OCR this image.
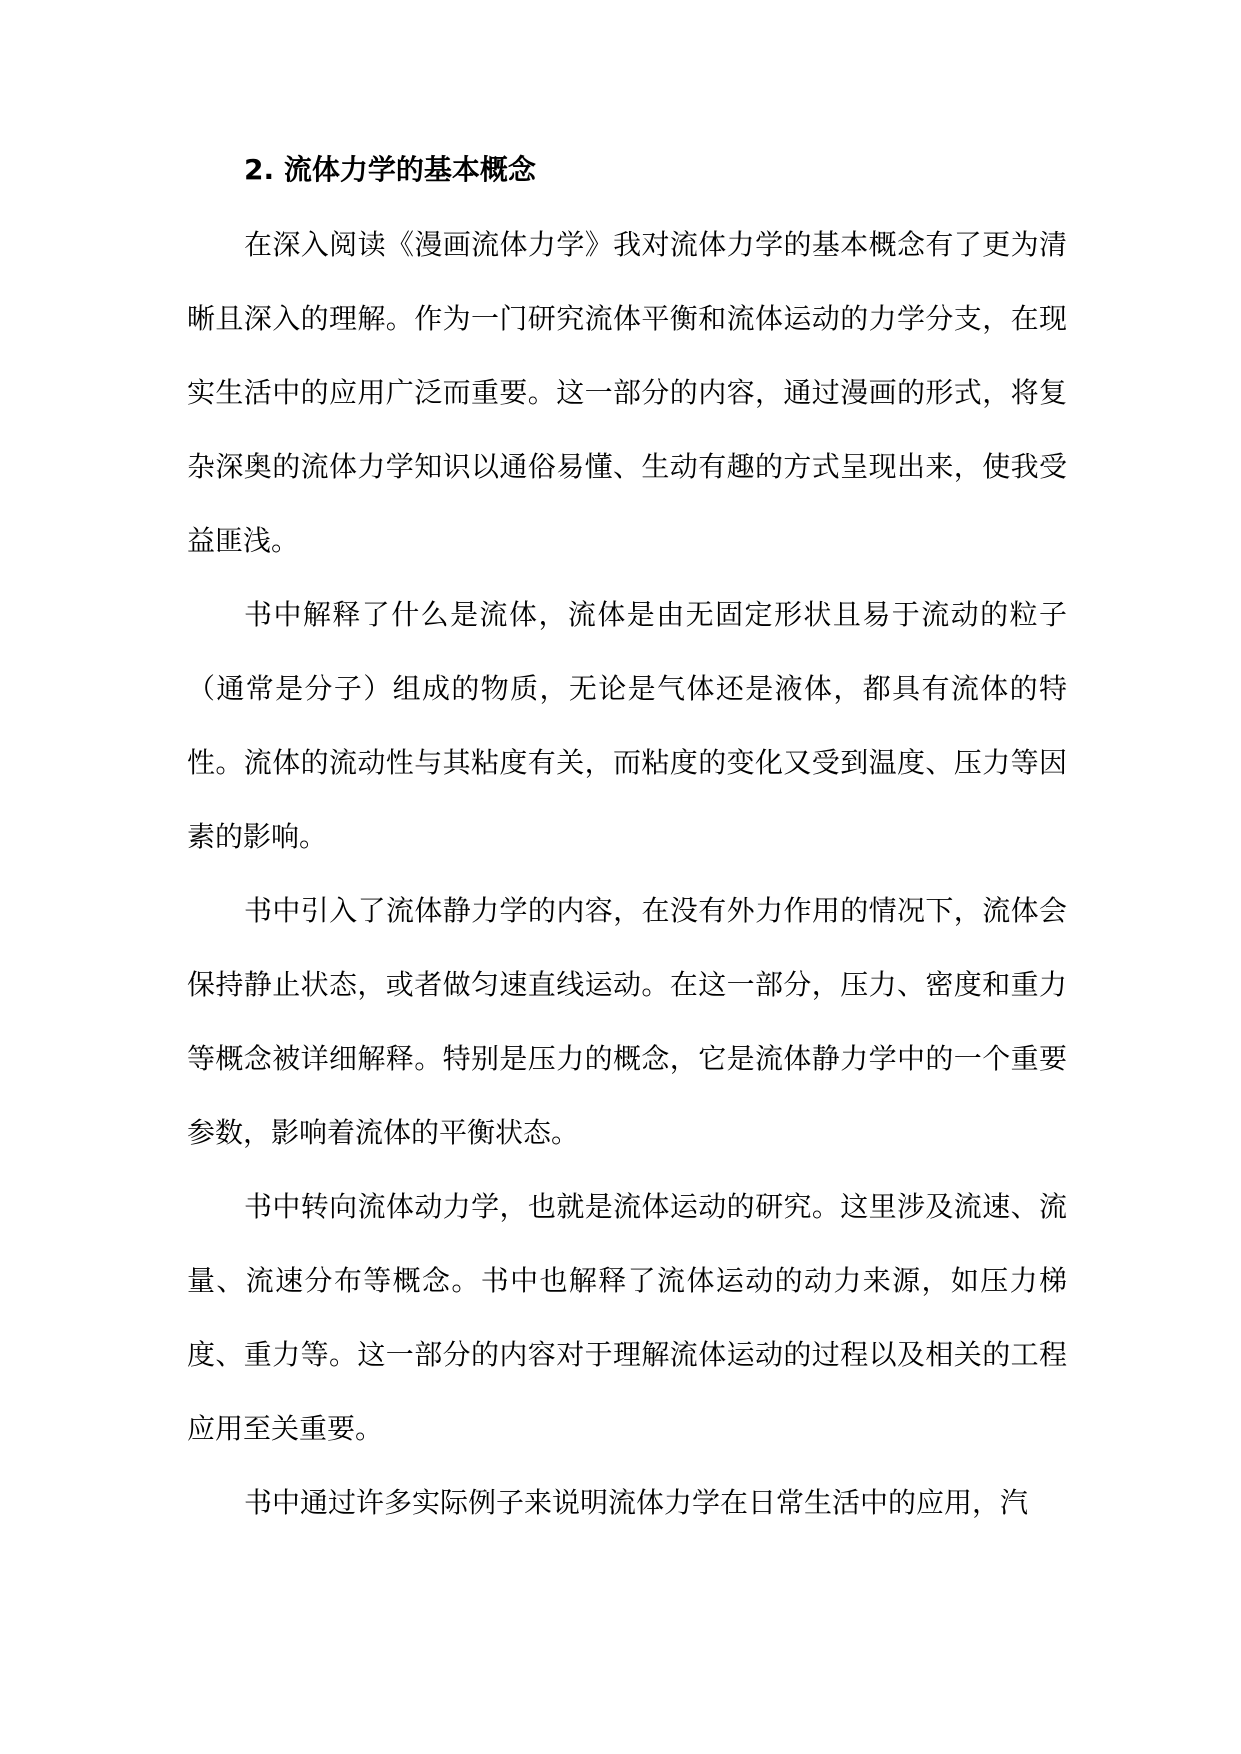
2. 流体力学的基本概念

在深入阅读《漫画流体力学》我对流体力学的基本概念有了更为清晰且深入的理解。作为一门研究流体平衡和流体运动的力学分支，在现实生活中的应用广泛而重要。这一部分的内容，通过漫画的形式，将复杂深奥的流体力学知识以通俗易懂、生动有趣的方式呈现出来，使我受益匪浅。

书中解释了什么是流体，流体是由无固定形状且易于流动的粒子（通常是分子）组成的物质，无论是气体还是液体，都具有流体的特性。流体的流动性与其粘度有关，而粘度的变化又受到温度、压力等因素的影响。

书中引入了流体静力学的内容，在没有外力作用的情况下，流体会保持静止状态，或者做匀速直线运动。在这一部分，压力、密度和重力等概念被详细解释。特别是压力的概念，它是流体静力学中的一个重要参数，影响着流体的平衡状态。

书中转向流体动力学，也就是流体运动的研究。这里涉及流速、流量、流速分布等概念。书中也解释了流体运动的动力来源，如压力梯度、重力等。这一部分的内容对于理解流体运动的过程以及相关的工程应用至关重要。

书中通过许多实际例子来说明流体力学在日常生活中的应用，汽
